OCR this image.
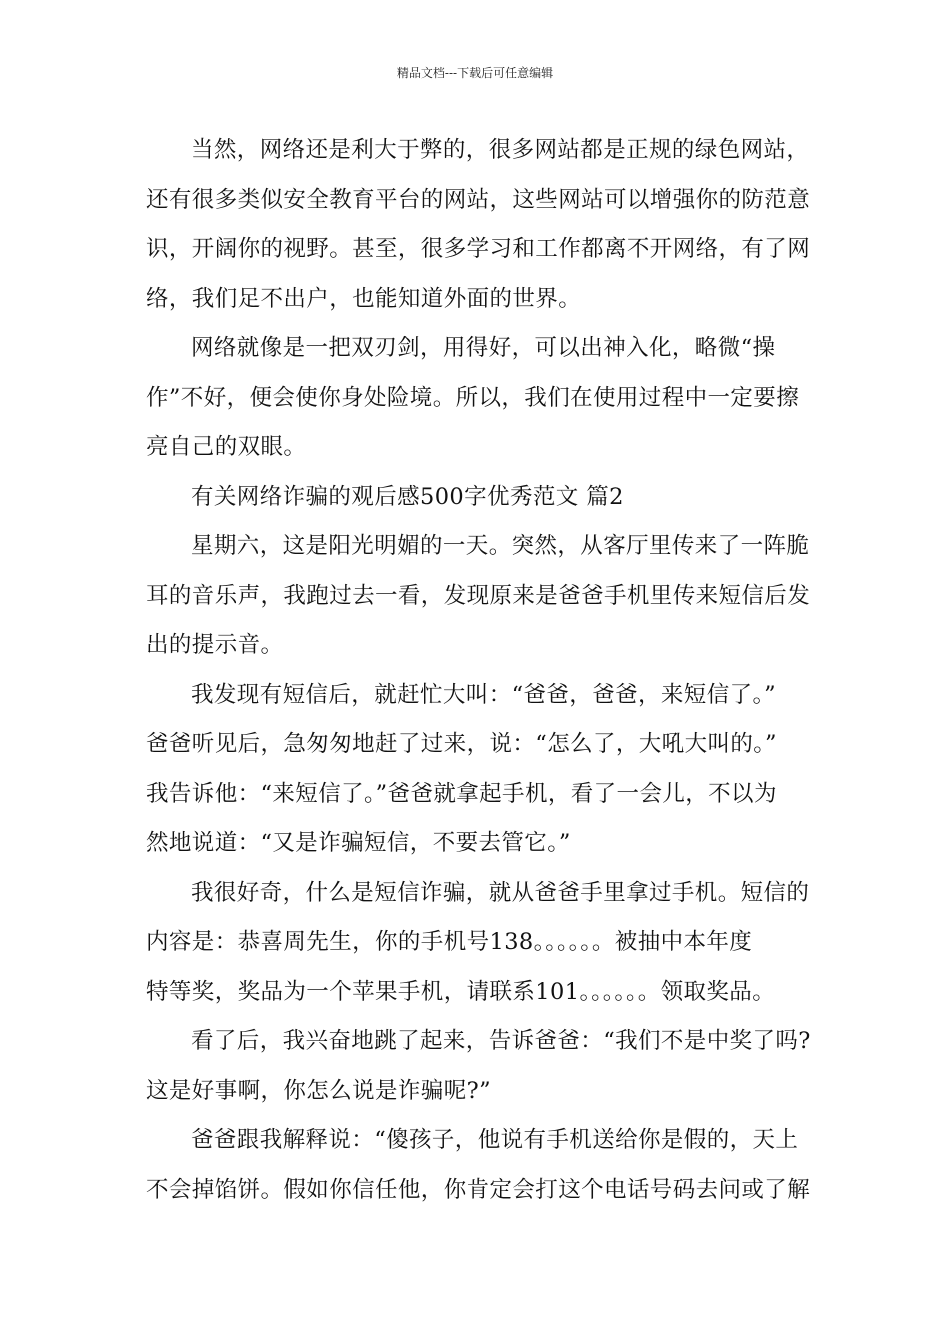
精品文档---下载后可任意编辑

当然，网络还是利大于弊的，很多网站都是正规的绿色网站，
还有很多类似安全教育平台的网站，这些网站可以增强你的防范意
识，开阔你的视野。甚至，很多学习和工作都离不开网络，有了网
络，我们足不出户，也能知道外面的世界。

网络就像是一把双刃剑，用得好，可以出神入化，略微“操
作”不好，便会使你身处险境。所以，我们在使用过程中一定要擦
亮自己的双眼。

有关网络诈骗的观后感500字优秀范文 篇2

星期六，这是阳光明媚的一天。突然，从客厅里传来了一阵脆
耳的音乐声，我跑过去一看，发现原来是爸爸手机里传来短信后发
出的提示音。

我发现有短信后，就赶忙大叫：“爸爸，爸爸，来短信了。”
爸爸听见后，急匆匆地赶了过来，说：“怎么了，大吼大叫的。”
我告诉他：“来短信了。”爸爸就拿起手机，看了一会儿，不以为
然地说道：“又是诈骗短信，不要去管它。”

我很好奇，什么是短信诈骗，就从爸爸手里拿过手机。短信的
内容是：恭喜周先生，你的手机号138。。。。。。被抽中本年度
特等奖，奖品为一个苹果手机，请联系101。。。。。。领取奖品。

看了后，我兴奋地跳了起来，告诉爸爸：“我们不是中奖了吗?
这是好事啊，你怎么说是诈骗呢?”

爸爸跟我解释说：“傻孩子，他说有手机送给你是假的，天上
不会掉馅饼。假如你信任他，你肯定会打这个电话号码去问或了解
